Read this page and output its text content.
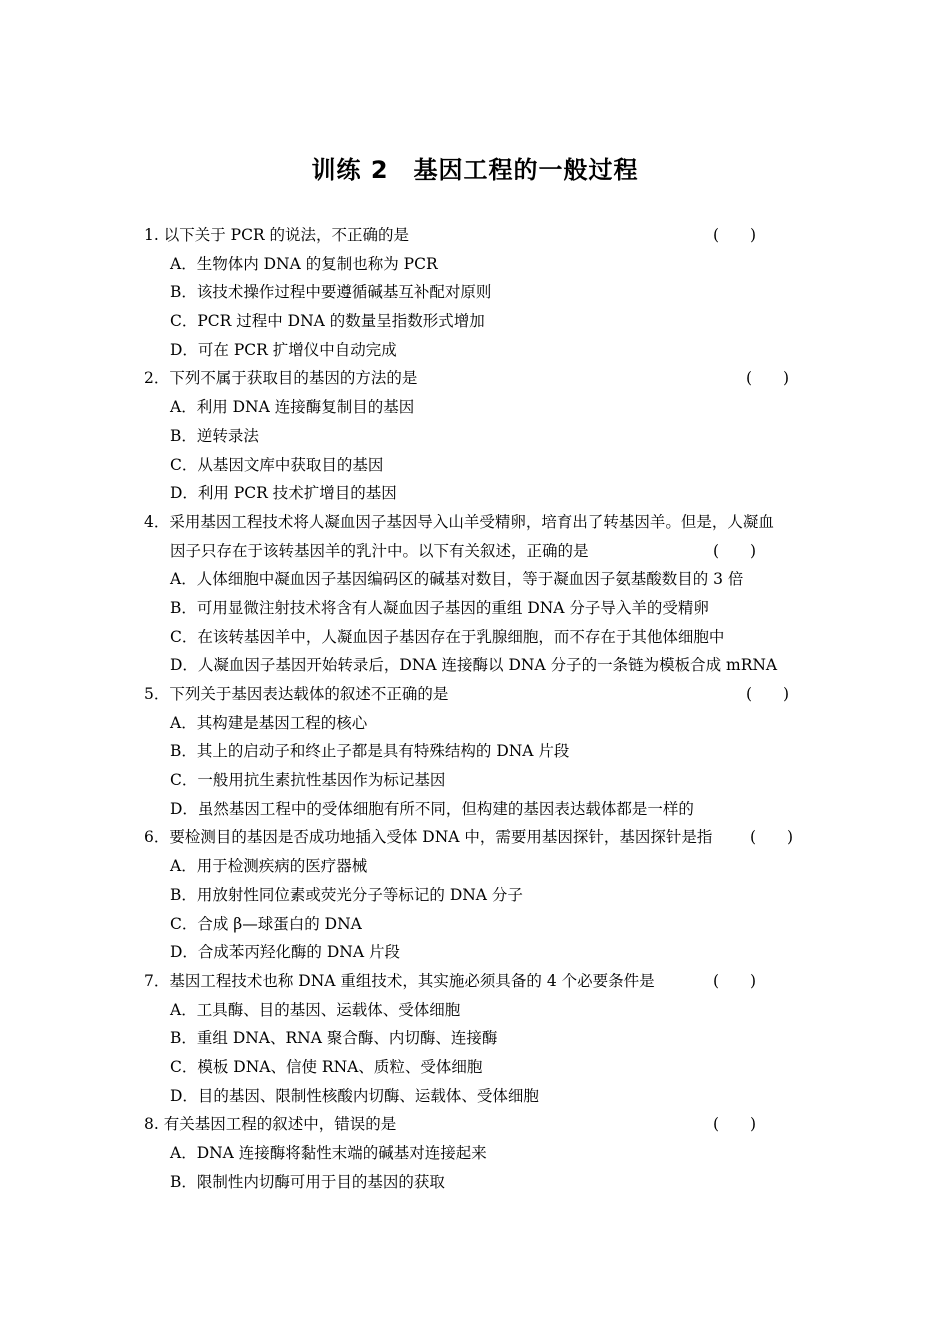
训练 2　基因工程的一般过程
1. 以下关于 PCR 的说法，不正确的是	(　　)
A．生物体内 DNA 的复制也称为 PCR
B．该技术操作过程中要遵循碱基互补配对原则
C．PCR 过程中 DNA 的数量呈指数形式增加
D．可在 PCR 扩增仪中自动完成
2．下列不属于获取目的基因的方法的是	(　　)
A．利用 DNA 连接酶复制目的基因
B．逆转录法
C．从基因文库中获取目的基因
D．利用 PCR 技术扩增目的基因
4．采用基因工程技术将人凝血因子基因导入山羊受精卵，培育出了转基因羊。但是，人凝血
因子只存在于该转基因羊的乳汁中。以下有关叙述，正确的是	(　　)
A．人体细胞中凝血因子基因编码区的碱基对数目，等于凝血因子氨基酸数目的 3 倍
B．可用显微注射技术将含有人凝血因子基因的重组 DNA 分子导入羊的受精卵
C．在该转基因羊中，人凝血因子基因存在于乳腺细胞，而不存在于其他体细胞中
D．人凝血因子基因开始转录后，DNA 连接酶以 DNA 分子的一条链为模板合成 mRNA
5．下列关于基因表达载体的叙述不正确的是	(　　)
A．其构建是基因工程的核心
B．其上的启动子和终止子都是具有特殊结构的 DNA 片段
C．一般用抗生素抗性基因作为标记基因
D．虽然基因工程中的受体细胞有所不同，但构建的基因表达载体都是一样的
6．要检测目的基因是否成功地插入受体 DNA 中，需要用基因探针，基因探针是指 (　　)
A．用于检测疾病的医疗器械
B．用放射性同位素或荧光分子等标记的 DNA 分子
C．合成 β—球蛋白的 DNA
D．合成苯丙羟化酶的 DNA 片段
7．基因工程技术也称 DNA 重组技术，其实施必须具备的 4 个必要条件是	(　　)
A．工具酶、目的基因、运载体、受体细胞
B．重组 DNA、RNA 聚合酶、内切酶、连接酶
C．模板 DNA、信使 RNA、质粒、受体细胞
D．目的基因、限制性核酸内切酶、运载体、受体细胞
8. 有关基因工程的叙述中，错误的是	(　　)
A．DNA 连接酶将黏性末端的碱基对连接起来
B．限制性内切酶可用于目的基因的获取
